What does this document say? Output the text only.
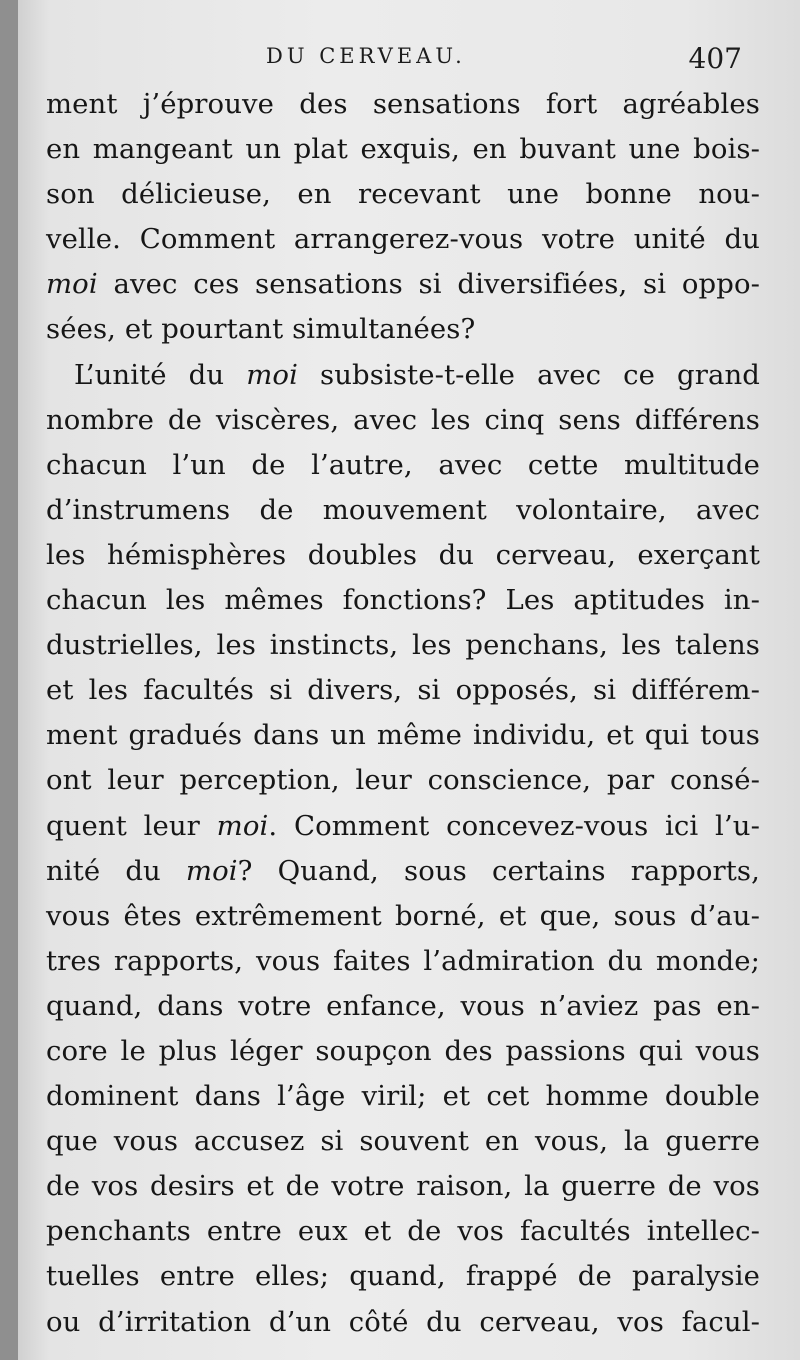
DU CERVEAU.	407
ment j’éprouve des sensations fort agréables
en mangeant un plat exquis, en buvant une bois-
son délicieuse, en recevant une bonne nou-
velle. Comment arrangerez-vous votre unité du
moi avec ces sensations si diversifiées, si oppo-
sées, et pourtant simultanées?
L’unité du moi subsiste-t-elle avec ce grand
nombre de viscères, avec les cinq sens différens
chacun l’un de l’autre, avec cette multitude
d’instrumens de mouvement volontaire, avec
les hémisphères doubles du cerveau, exerçant
chacun les mêmes fonctions? Les aptitudes in-
dustrielles, les instincts, les penchans, les talens
et les facultés si divers, si opposés, si différem-
ment gradués dans un même individu, et qui tous
ont leur perception, leur conscience, par consé-
quent leur moi. Comment concevez-vous ici l’u-
nité du moi? Quand, sous certains rapports,
vous êtes extrêmement borné, et que, sous d’au-
tres rapports, vous faites l’admiration du monde;
quand, dans votre enfance, vous n’aviez pas en-
core le plus léger soupçon des passions qui vous
dominent dans l’âge viril; et cet homme double
que vous accusez si souvent en vous, la guerre
de vos desirs et de votre raison, la guerre de vos
penchants entre eux et de vos facultés intellec-
tuelles entre elles; quand, frappé de paralysie
ou d’irritation d’un côté du cerveau, vos facul-
